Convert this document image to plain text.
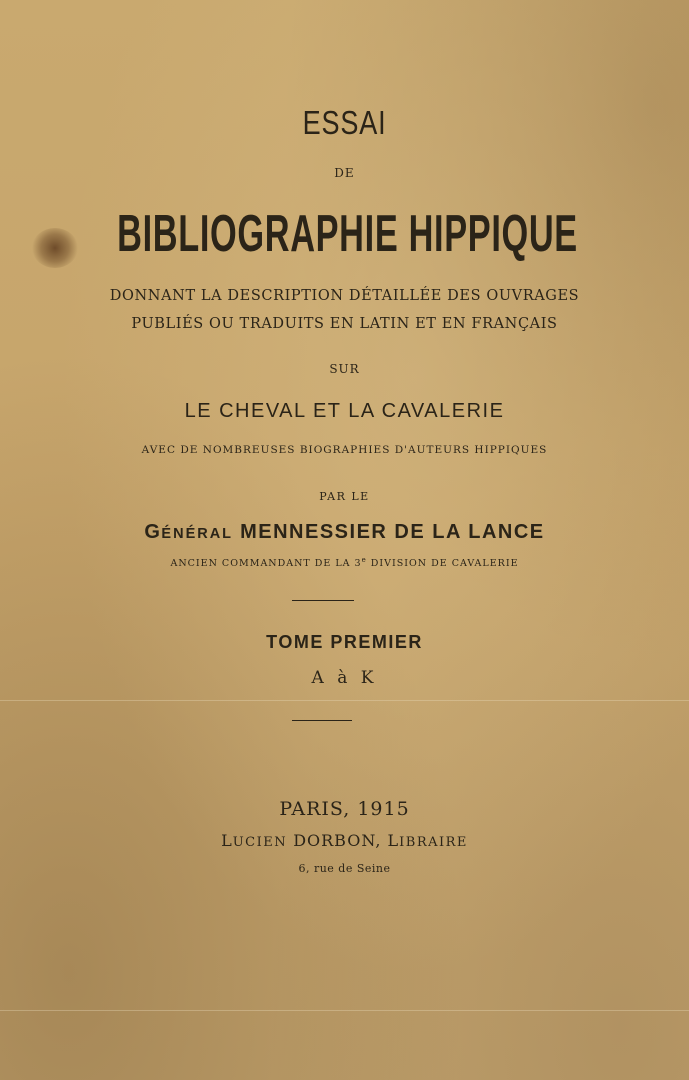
ESSAI
DE
BIBLIOGRAPHIE HIPPIQUE
DONNANT LA DESCRIPTION DÉTAILLÉE DES OUVRAGES
PUBLIÉS OU TRADUITS EN LATIN ET EN FRANÇAIS
SUR
LE CHEVAL ET LA CAVALERIE
AVEC DE NOMBREUSES BIOGRAPHIES D'AUTEURS HIPPIQUES
PAR LE
GÉNÉRAL MENNESSIER DE LA LANCE
ANCIEN COMMANDANT DE LA 3e DIVISION DE CAVALERIE
TOME PREMIER
A à K
PARIS, 1915
LUCIEN DORBON, LIBRAIRE
6, rue de Seine
